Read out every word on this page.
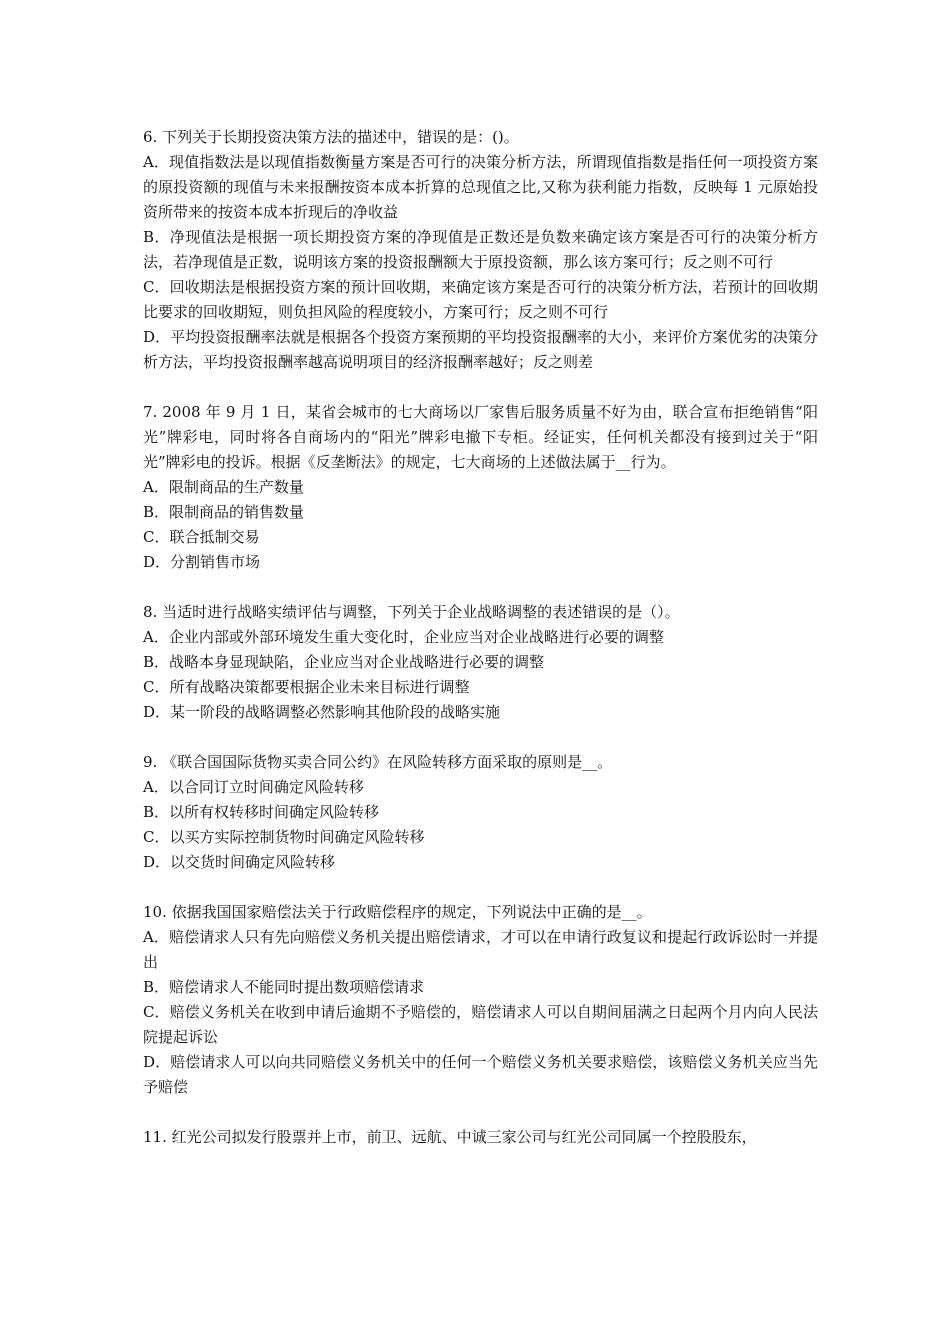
6. 下列关于长期投资决策方法的描述中，错误的是：()。
A．现值指数法是以现值指数衡量方案是否可行的决策分析方法，所谓现值指数是指任何一项投资方案的原投资额的现值与未来报酬按资本成本折算的总现值之比,又称为获利能力指数，反映每 1 元原始投资所带来的按资本成本折现后的净收益
B．净现值法是根据一项长期投资方案的净现值是正数还是负数来确定该方案是否可行的决策分析方法，若净现值是正数，说明该方案的投资报酬额大于原投资额，那么该方案可行；反之则不可行
C．回收期法是根据投资方案的预计回收期，来确定该方案是否可行的决策分析方法，若预计的回收期比要求的回收期短，则负担风险的程度较小，方案可行；反之则不可行
D．平均投资报酬率法就是根据各个投资方案预期的平均投资报酬率的大小，来评价方案优劣的决策分析方法，平均投资报酬率越高说明项目的经济报酬率越好；反之则差
7. 2008 年 9 月 1 日，某省会城市的七大商场以厂家售后服务质量不好为由，联合宣布拒绝销售“阳光”牌彩电，同时将各自商场内的“阳光”牌彩电撤下专柜。经证实，任何机关都没有接到过关于“阳光”牌彩电的投诉。根据《反垄断法》的规定，七大商场的上述做法属于__行为。
A．限制商品的生产数量
B．限制商品的销售数量
C．联合抵制交易
D．分割销售市场
8. 当适时进行战略实绩评估与调整，下列关于企业战略调整的表述错误的是（）。
A．企业内部或外部环境发生重大变化时，企业应当对企业战略进行必要的调整
B．战略本身显现缺陷，企业应当对企业战略进行必要的调整
C．所有战略决策都要根据企业未来目标进行调整
D．某一阶段的战略调整必然影响其他阶段的战略实施
9. 《联合国国际货物买卖合同公约》在风险转移方面采取的原则是__。
A．以合同订立时间确定风险转移
B．以所有权转移时间确定风险转移
C．以买方实际控制货物时间确定风险转移
D．以交货时间确定风险转移
10. 依据我国国家赔偿法关于行政赔偿程序的规定，下列说法中正确的是__。
A．赔偿请求人只有先向赔偿义务机关提出赔偿请求，才可以在申请行政复议和提起行政诉讼时一并提出
B．赔偿请求人不能同时提出数项赔偿请求
C．赔偿义务机关在收到申请后逾期不予赔偿的，赔偿请求人可以自期间届满之日起两个月内向人民法院提起诉讼
D．赔偿请求人可以向共同赔偿义务机关中的任何一个赔偿义务机关要求赔偿，该赔偿义务机关应当先予赔偿
11. 红光公司拟发行股票并上市，前卫、远航、中诚三家公司与红光公司同属一个控股股东，
